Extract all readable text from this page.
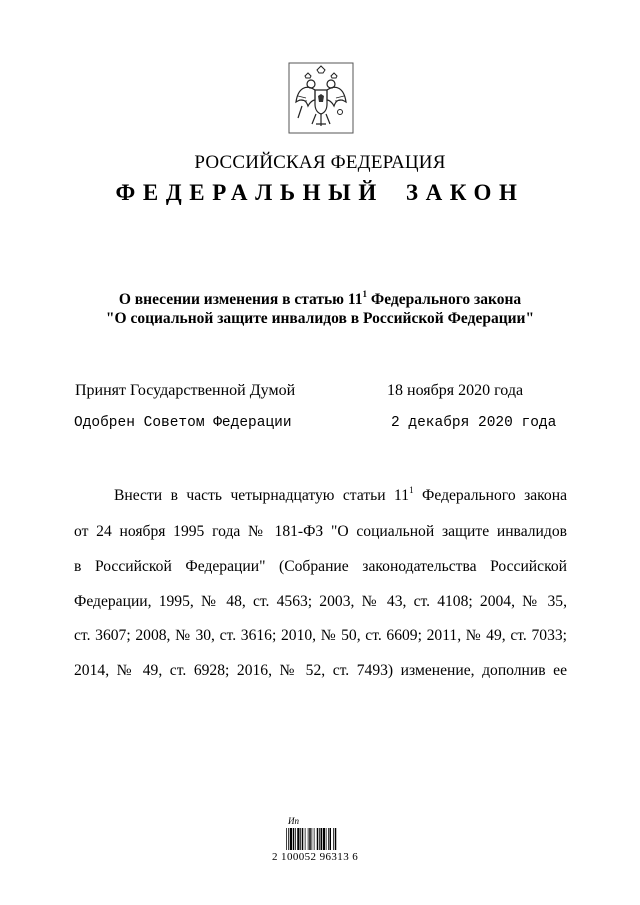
РОССИЙСКАЯ ФЕДЕРАЦИЯ
ФЕДЕРАЛЬНЫЙ ЗАКОН
О внесении изменения в статью $11^1$ Федерального закона
"О социальной защите инвалидов в Российской Федерации"
Принят Государственной Думой	18 ноября 2020 года
Одобрен Советом Федерации	2 декабря 2020 года
Внести в часть четырнадцатую статьи $11^1$ Федерального закона
от 24 ноября 1995 года № 181-ФЗ "О социальной защите инвалидов
в Российской Федерации" (Собрание законодательства Российской
Федерации, 1995, № 48, ст. 4563; 2003, № 43, ст. 4108; 2004, № 35,
ст. 3607; 2008, № 30, ст. 3616; 2010, № 50, ст. 6609; 2011, № 49, ст. 7033;
2014, № 49, ст. 6928; 2016, № 52, ст. 7493) изменение, дополнив ее
Ип
2 100052 96313 6
